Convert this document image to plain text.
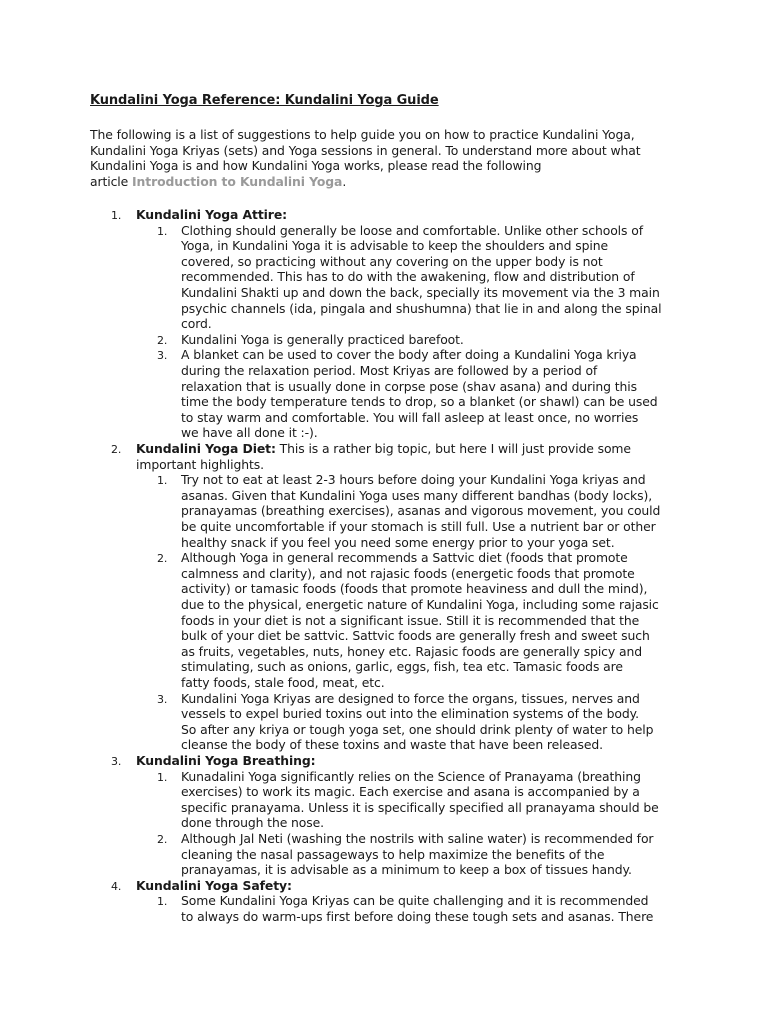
Kundalini Yoga Reference: Kundalini Yoga Guide
The following is a list of suggestions to help guide you on how to practice Kundalini Yoga,
Kundalini Yoga Kriyas (sets) and Yoga sessions in general. To understand more about what
Kundalini Yoga is and how Kundalini Yoga works, please read the following
article Introduction to Kundalini Yoga.
1. Kundalini Yoga Attire:
1. Clothing should generally be loose and comfortable. Unlike other schools of
Yoga, in Kundalini Yoga it is advisable to keep the shoulders and spine
covered, so practicing without any covering on the upper body is not
recommended. This has to do with the awakening, flow and distribution of
Kundalini Shakti up and down the back, specially its movement via the 3 main
psychic channels (ida, pingala and shushumna) that lie in and along the spinal
cord.
2. Kundalini Yoga is generally practiced barefoot.
3. A blanket can be used to cover the body after doing a Kundalini Yoga kriya
during the relaxation period. Most Kriyas are followed by a period of
relaxation that is usually done in corpse pose (shav asana) and during this
time the body temperature tends to drop, so a blanket (or shawl) can be used
to stay warm and comfortable. You will fall asleep at least once, no worries
we have all done it :-).
2. Kundalini Yoga Diet: This is a rather big topic, but here I will just provide some
important highlights.
1. Try not to eat at least 2-3 hours before doing your Kundalini Yoga kriyas and
asanas. Given that Kundalini Yoga uses many different bandhas (body locks),
pranayamas (breathing exercises), asanas and vigorous movement, you could
be quite uncomfortable if your stomach is still full. Use a nutrient bar or other
healthy snack if you feel you need some energy prior to your yoga set.
2. Although Yoga in general recommends a Sattvic diet (foods that promote
calmness and clarity), and not rajasic foods (energetic foods that promote
activity) or tamasic foods (foods that promote heaviness and dull the mind),
due to the physical, energetic nature of Kundalini Yoga, including some rajasic
foods in your diet is not a significant issue. Still it is recommended that the
bulk of your diet be sattvic. Sattvic foods are generally fresh and sweet such
as fruits, vegetables, nuts, honey etc. Rajasic foods are generally spicy and
stimulating, such as onions, garlic, eggs, fish, tea etc. Tamasic foods are
fatty foods, stale food, meat, etc.
3. Kundalini Yoga Kriyas are designed to force the organs, tissues, nerves and
vessels to expel buried toxins out into the elimination systems of the body.
So after any kriya or tough yoga set, one should drink plenty of water to help
cleanse the body of these toxins and waste that have been released.
3. Kundalini Yoga Breathing:
1. Kunadalini Yoga significantly relies on the Science of Pranayama (breathing
exercises) to work its magic. Each exercise and asana is accompanied by a
specific pranayama. Unless it is specifically specified all pranayama should be
done through the nose.
2. Although Jal Neti (washing the nostrils with saline water) is recommended for
cleaning the nasal passageways to help maximize the benefits of the
pranayamas, it is advisable as a minimum to keep a box of tissues handy.
4. Kundalini Yoga Safety:
1. Some Kundalini Yoga Kriyas can be quite challenging and it is recommended
to always do warm-ups first before doing these tough sets and asanas. There
